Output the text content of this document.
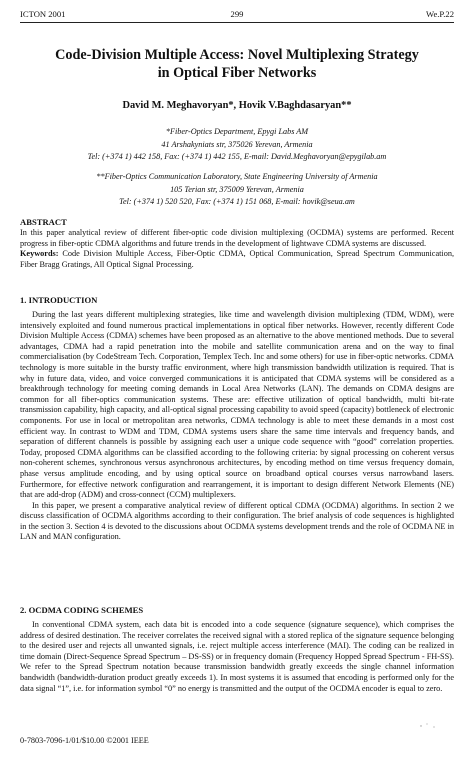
ICTON 2001	299	We.P.22
Code-Division Multiple Access: Novel Multiplexing Strategy
in Optical Fiber Networks
David M. Meghavoryan*, Hovik V.Baghdasaryan**
*Fiber-Optics Department, Epygi Labs AM
41 Arshakyniats str, 375026 Yerevan, Armenia
Tel: (+374 1) 442 158, Fax: (+374 1) 442 155, E-mail: David.Meghavoryan@epygilab.am
**Fiber-Optics Communication Laboratory, State Engineering University of Armenia
105 Terian str, 375009 Yerevan, Armenia
Tel: (+374 1) 520 520, Fax: (+374 1) 151 068, E-mail: hovik@seua.am
ABSTRACT

In this paper analytical review of different fiber-optic code division multiplexing (OCDMA) systems are performed. Recent progress in fiber-optic CDMA algorithms and future trends in the development of lightwave CDMA systems are discussed.

Keywords: Code Division Multiple Access, Fiber-Optic CDMA, Optical Communication, Spread Spectrum Communication, Fiber Bragg Gratings, All Optical Signal Processing.

1. INTRODUCTION

During the last years different multiplexing strategies, like time and wavelength division multiplexing (TDM, WDM), were intensively exploited and found numerous practical implementations in optical fiber networks. However, recently different Code Division Multiple Access (CDMA) schemes have been proposed as an alternative to the above mentioned methods. Due to several advantages, CDMA had a rapid penetration into the mobile and satellite communication arena and on the way to final commercialisation (by CodeStream Tech. Corporation, Templex Tech. Inc and some others) for use in fiber-optic networks. CDMA technology is more suitable in the bursty traffic environment, where high transmission bandwidth utilization is required. That is why in future data, video, and voice converged communications it is anticipated that CDMA systems will be considered as a breakthrough technology for meeting coming demands in Local Area Networks (LAN). The demands on CDMA designs are common for all fiber-optics communication systems. These are: effective utilization of optical bandwidth, multi bit-rate transmission capability, high capacity, and all-optical signal processing capability to avoid speed (capacity) bottleneck of electronic components. For use in local or metropolitan area networks, CDMA technology is able to meet these demands in a most cost efficient way. In contrast to WDM and TDM, CDMA systems users share the same time intervals and frequency bands, and separation of different channels is possible by assigning each user a unique code sequence with “good” correlation properties. Today, proposed CDMA algorithms can be classified according to the following criteria: by signal processing on coherent versus non-coherent schemes, synchronous versus asynchronous architectures, by encoding method on time versus frequency domain, phase versus amplitude encoding, and by using optical source on broadband optical courses versus narrowband lasers. Furthermore, for effective network configuration and rearrangement, it is important to design different Network Elements (NE) that are add-drop (ADM) and cross-connect (CCM) multiplexers.

In this paper, we present a comparative analytical review of different optical CDMA (OCDMA) algorithms. In section 2 we discuss classification of OCDMA algorithms according to their configuration. The brief analysis of code sequences is highlighted in the section 3. Section 4 is devoted to the discussions about OCDMA systems development trends and the role of OCDMA NE in LAN and MAN configuration.

2. OCDMA CODING SCHEMES

In conventional CDMA system, each data bit is encoded into a code sequence (signature sequence), which comprises the address of desired destination. The receiver correlates the received signal with a stored replica of the signature sequence belonging to the desired user and rejects all unwanted signals, i.e. reject multiple access interference (MAI). The coding can be realized in time domain (Direct-Sequence Spread Spectrum – DS-SS) or in frequency domain (Frequency Hopped Spread Spectrum - FH-SS). We refer to the Spread Spectrum notation because transmission bandwidth greatly exceeds the single channel information bandwidth (bandwidth-duration product greatly exceeds 1). In most systems it is assumed that encoding is performed only for the data signal “1”, i.e. for information symbol “0” no energy is transmitted and the output of the OCDMA encoder is equal to zero.

0-7803-7096-1/01/$10.00 ©2001 IEEE
